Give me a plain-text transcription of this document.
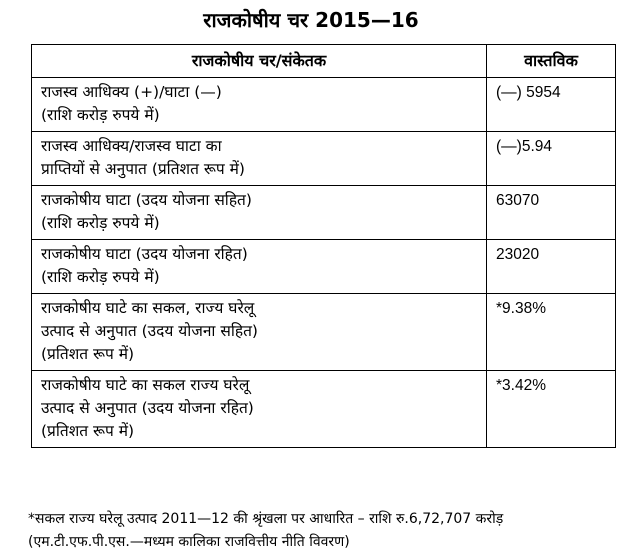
राजकोषीय चर 2015—16
राजकोषीय चर/संकेतक	वास्तविक

राजस्व आधिक्य (+)/घाटा (—)
(राशि करोड़ रुपये में)	(—) 5954

राजस्व आधिक्य/राजस्व घाटा का
प्राप्तियों से अनुपात (प्रतिशत रूप में)	(—)5.94

राजकोषीय घाटा (उदय योजना सहित)
(राशि करोड़ रुपये में)	63070

राजकोषीय घाटा (उदय योजना रहित)
(राशि करोड़ रुपये में)	23020

राजकोषीय घाटे का सकल, राज्य घरेलू
उत्पाद से अनुपात (उदय योजना सहित)
(प्रतिशत रूप में)	*9.38%

राजकोषीय घाटे का सकल राज्य घरेलू
उत्पाद से अनुपात (उदय योजना रहित)
(प्रतिशत रूप में)	*3.42%
*सकल राज्य घरेलू उत्पाद 2011—12 की श्रृंखला पर आधारित – राशि रु.6,72,707 करोड़
(एम.टी.एफ.पी.एस.—मध्यम कालिका राजवित्तीय नीति विवरण)
